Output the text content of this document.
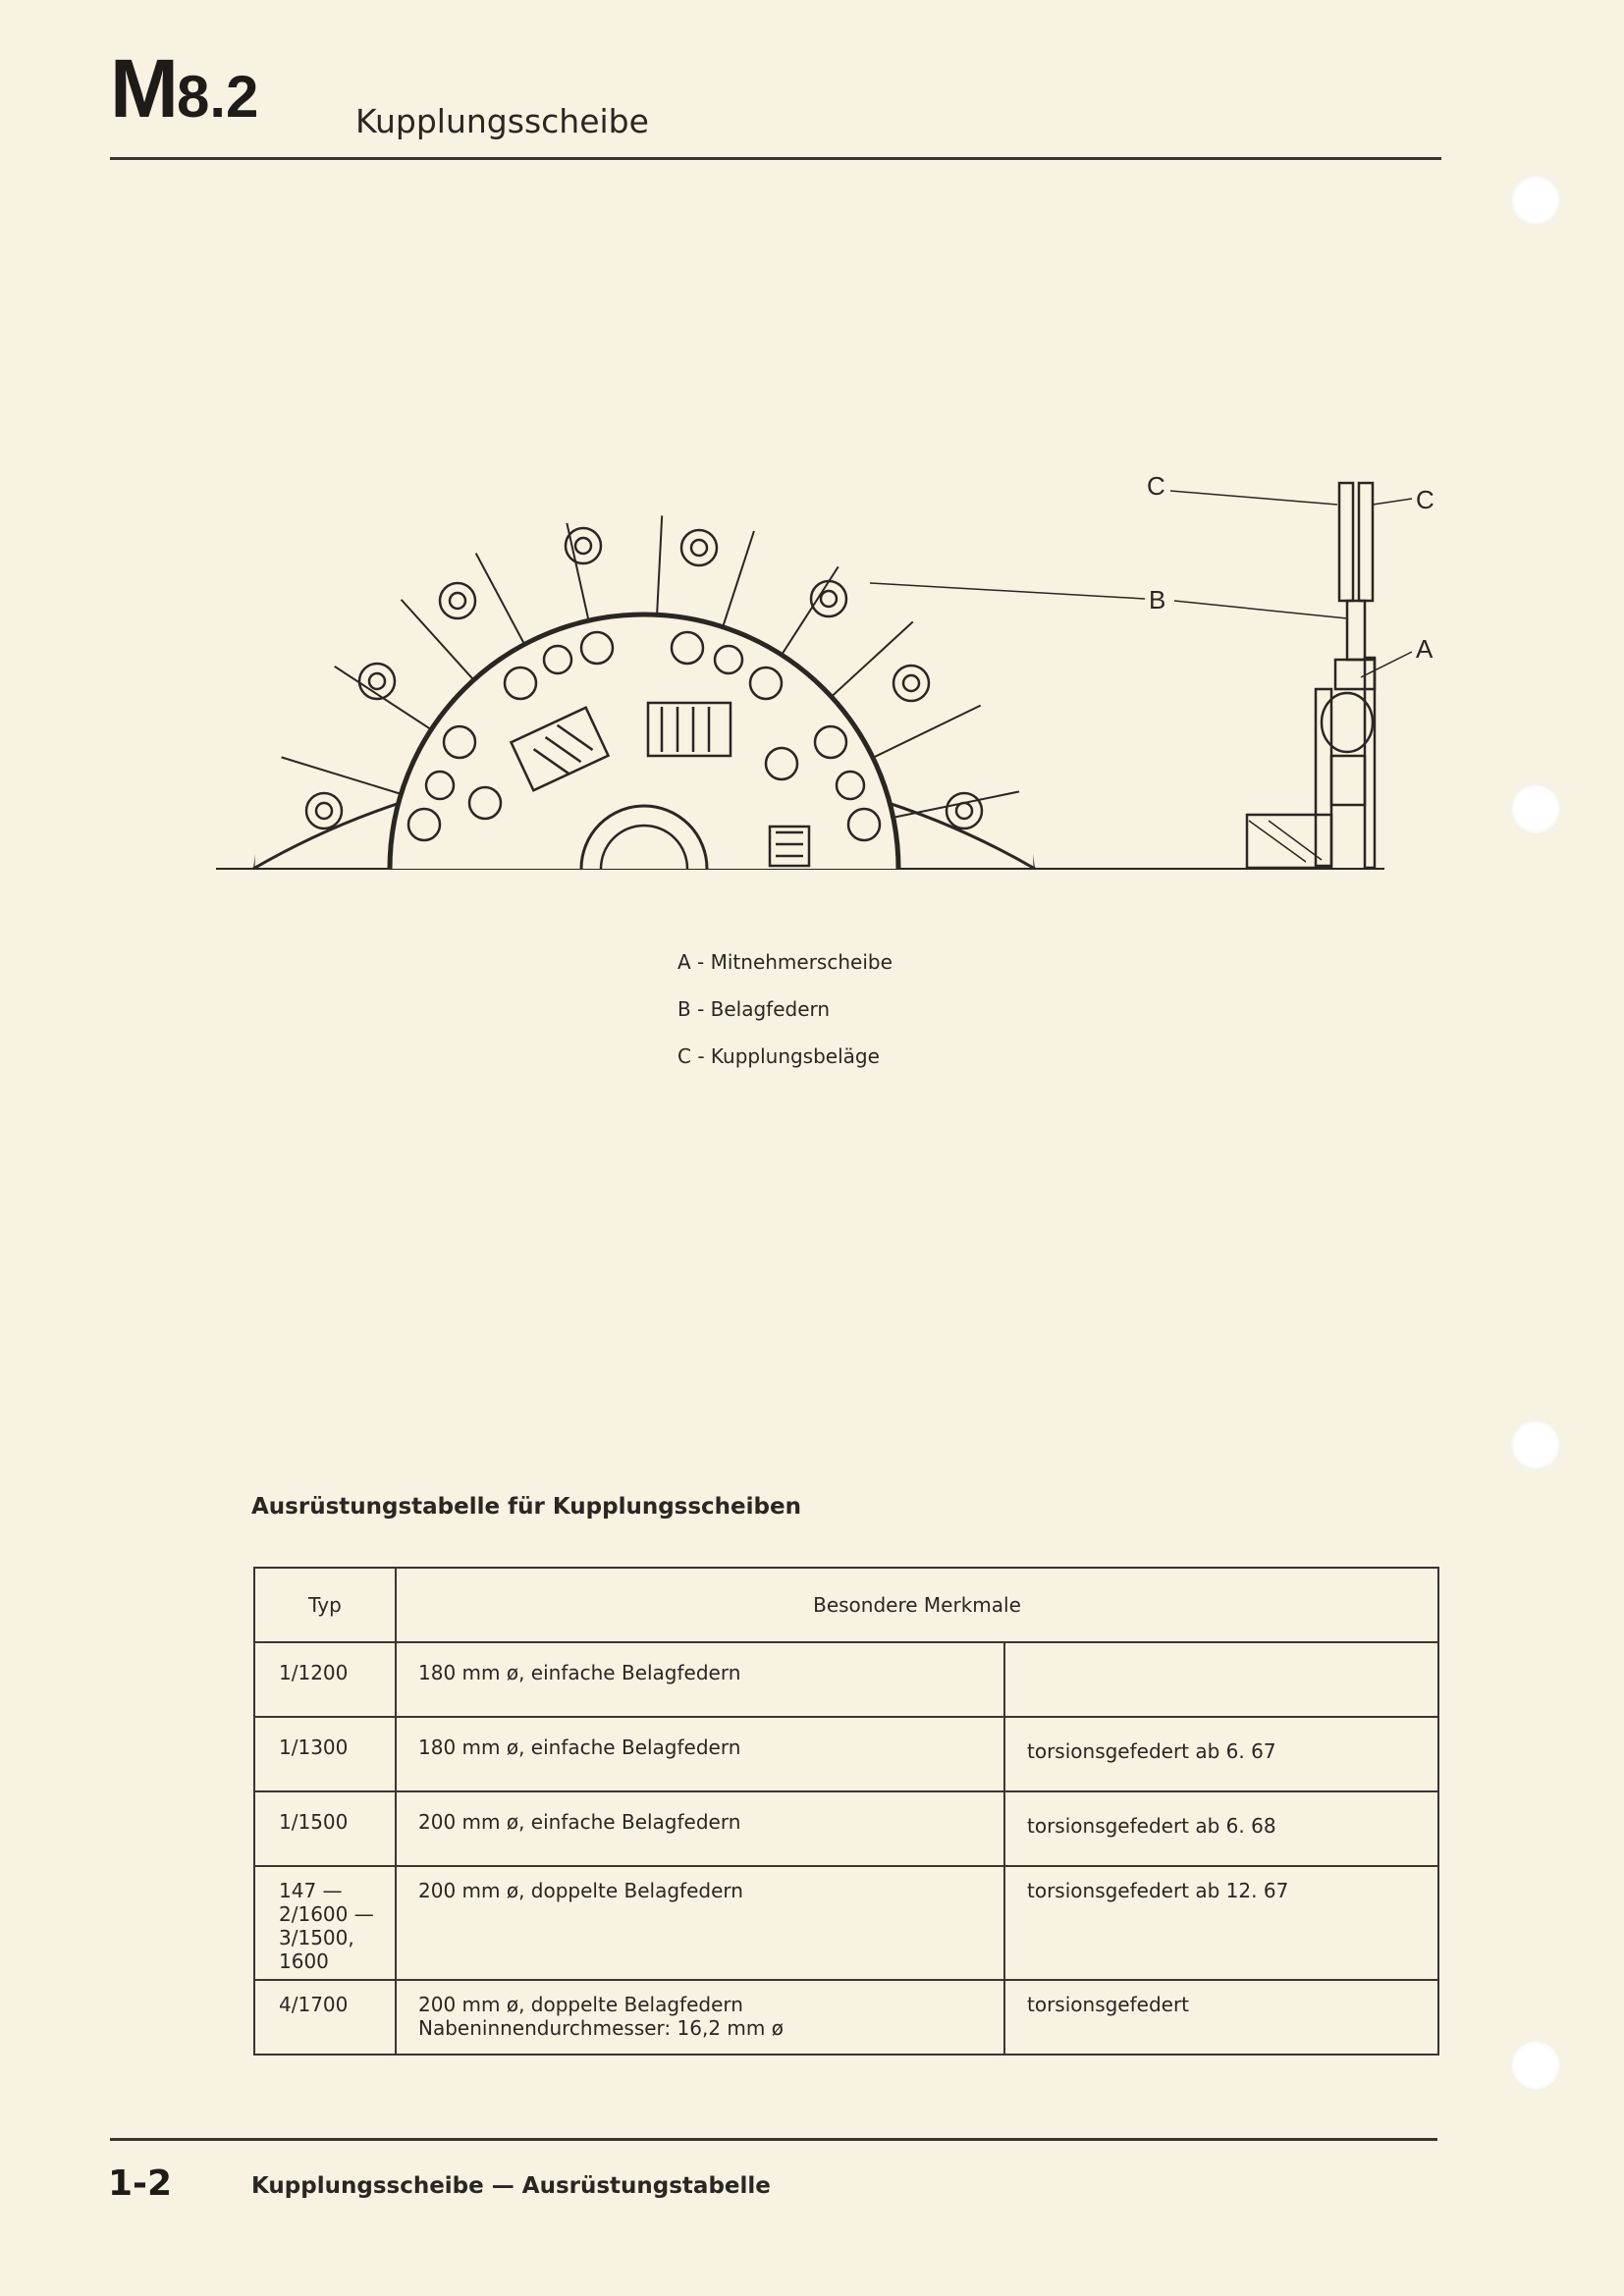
M8.2	Kupplungsscheibe
C	C
B
A
A - Mitnehmerscheibe
B - Belagfedern
C - Kupplungsbeläge
Ausrüstungstabelle für Kupplungsscheiben
Typ	Besondere Merkmale	

1/1200	180 mm ø, einfache Belagfedern	

1/1300	180 mm ø, einfache Belagfedern	torsionsgefedert ab 6. 67

1/1500	200 mm ø, einfache Belagfedern	torsionsgefedert ab 6. 68

147 —
2/1600 —
3/1500,
1600	200 mm ø, doppelte Belagfedern	torsionsgefedert ab 12. 67

4/1700	200 mm ø, doppelte Belagfedern
Nabeninnendurchmesser: 16,2 mm ø	torsionsgefedert
1-2	Kupplungsscheibe — Ausrüstungstabelle
